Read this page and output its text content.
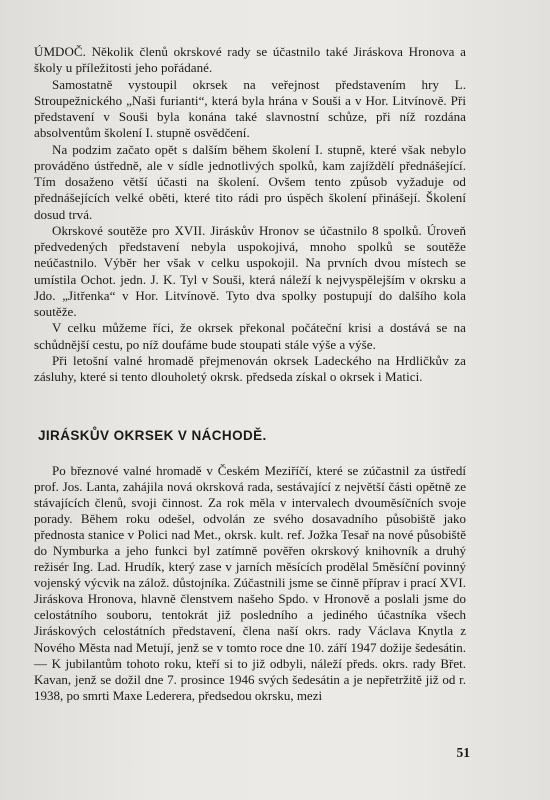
ÚMDOČ. Několik členů okrskové rady se účastnilo také Jiráskova Hronova a školy u příležitosti jeho pořádané.

Samostatně vystoupil okrsek na veřejnost představením hry L. Stroupežnického „Naši furianti“, která byla hrána v Souši a v Hor. Litvínově. Při představení v Souši byla konána také slavnostní schůze, při níž rozdána absolventům školení I. stupně osvědčení.

Na podzim začato opět s dalším během školení I. stupně, které však nebylo prováděno ústředně, ale v sídle jednotlivých spolků, kam zajíždělí přednášející. Tím dosaženo větší účasti na školení. Ovšem tento způsob vyžaduje od přednášejících velké oběti, které tito rádi pro úspěch školení přinášejí. Školení dosud trvá.

Okrskové soutěže pro XVII. Jiráskův Hronov se účastnilo 8 spolků. Úroveň předvedených představení nebyla uspokojivá, mnoho spolků se soutěže neúčastnilo. Výběr her však v celku uspokojil. Na prvních dvou místech se umístila Ochot. jedn. J. K. Tyl v Souši, která náleží k nejvyspělejším v okrsku a Jdo. „Jitřenka“ v Hor. Litvínově. Tyto dva spolky postupují do dalšího kola soutěže.

V celku můžeme říci, že okrsek překonal počáteční krisi a dostává se na schůdnější cestu, po níž doufáme bude stoupati stále výše a výše.

Při letošní valné hromadě přejmenován okrsek Ladeckého na Hrdličkův za zásluhy, které si tento dlouholetý okrsk. předseda získal o okrsek i Matici.

JIRÁSKŮV OKRSEK V NÁCHODĚ.

Po březnové valné hromadě v Českém Meziříčí, které se zúčastnil za ústředí prof. Jos. Lanta, zahájila nová okrsková rada, sestávající z největší části opětně ze stávajících členů, svoji činnost. Za rok měla v intervalech dvouměsíčních svoje porady. Během roku odešel, odvolán ze svého dosavadního působiště jako přednosta stanice v Polici nad Met., okrsk. kult. ref. Jožka Tesař na nové působiště do Nymburka a jeho funkci byl zatímně pověřen okrskový knihovník a druhý režisér Ing. Lad. Hrudík, který zase v jarních měsících prodělal 5měsíční povinný vojenský výcvik na zálož. důstojníka. Zúčastnili jsme se činně příprav i prací XVI. Jiráskova Hronova, hlavně členstvem našeho Spdo. v Hronově a poslali jsme do celostátního souboru, tentokrát již posledního a jediného účastníka všech Jiráskových celostátních představení, člena naší okrs. rady Václava Knytla z Nového Města nad Metují, jenž se v tomto roce dne 10. září 1947 dožije šedesátin. — K jubilantům tohoto roku, kteří si to již odbyli, náleží předs. okrs. rady Břet. Kavan, jenž se dožil dne 7. prosince 1946 svých šedesátin a je nepřetržitě již od r. 1938, po smrti Maxe Lederera, předsedou okrsku, mezi

51
